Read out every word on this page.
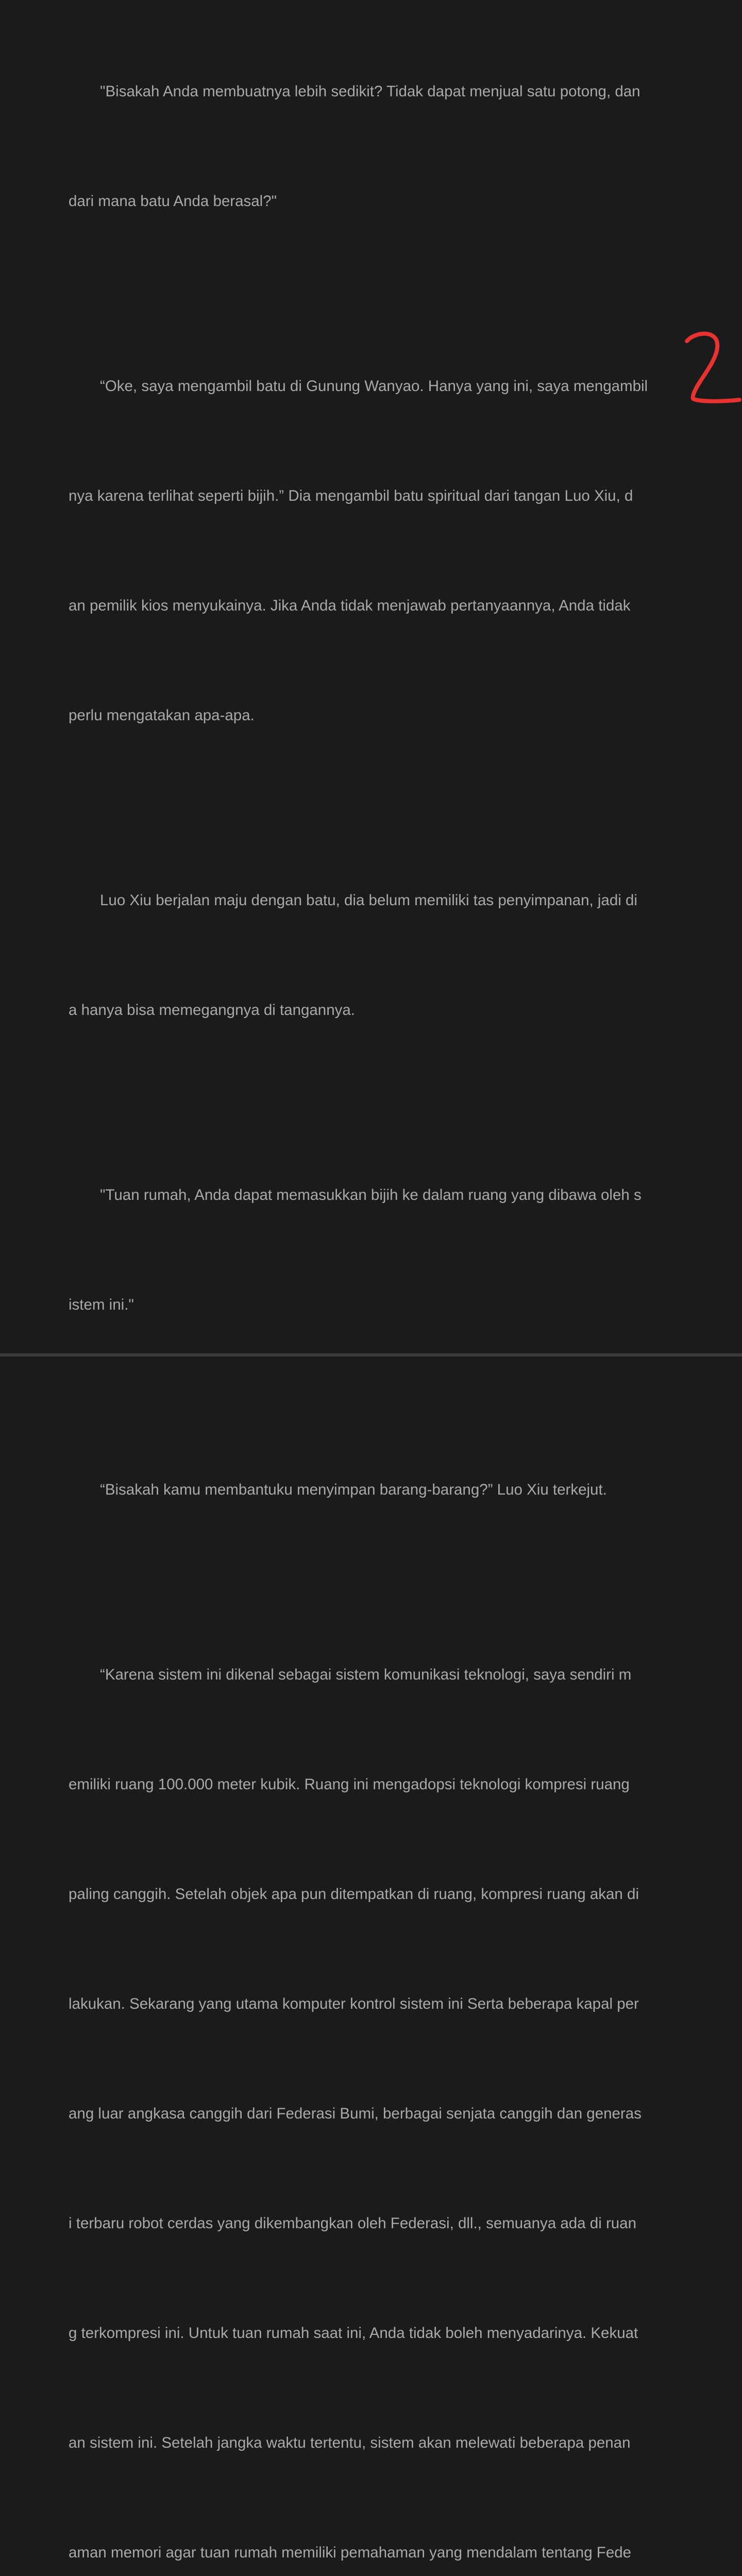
"Bisakah Anda membuatnya lebih sedikit? Tidak dapat menjual satu potong, dan

dari mana batu Anda berasal?"

“Oke, saya mengambil batu di Gunung Wanyao. Hanya yang ini, saya mengambil

nya karena terlihat seperti bijih.” Dia mengambil batu spiritual dari tangan Luo Xiu, d

an pemilik kios menyukainya. Jika Anda tidak menjawab pertanyaannya, Anda tidak

perlu mengatakan apa-apa.

Luo Xiu berjalan maju dengan batu, dia belum memiliki tas penyimpanan, jadi di

a hanya bisa memegangnya di tangannya.

"Tuan rumah, Anda dapat memasukkan bijih ke dalam ruang yang dibawa oleh s

istem ini."

“Bisakah kamu membantuku menyimpan barang-barang?” Luo Xiu terkejut.

“Karena sistem ini dikenal sebagai sistem komunikasi teknologi, saya sendiri m

emiliki ruang 100.000 meter kubik. Ruang ini mengadopsi teknologi kompresi ruang

paling canggih. Setelah objek apa pun ditempatkan di ruang, kompresi ruang akan di

lakukan. Sekarang yang utama komputer kontrol sistem ini Serta beberapa kapal per

ang luar angkasa canggih dari Federasi Bumi, berbagai senjata canggih dan generas

i terbaru robot cerdas yang dikembangkan oleh Federasi, dll., semuanya ada di ruan

g terkompresi ini. Untuk tuan rumah saat ini, Anda tidak boleh menyadarinya. Kekuat

an sistem ini. Setelah jangka waktu tertentu, sistem akan melewati beberapa penan

aman memori agar tuan rumah memiliki pemahaman yang mendalam tentang Fede
